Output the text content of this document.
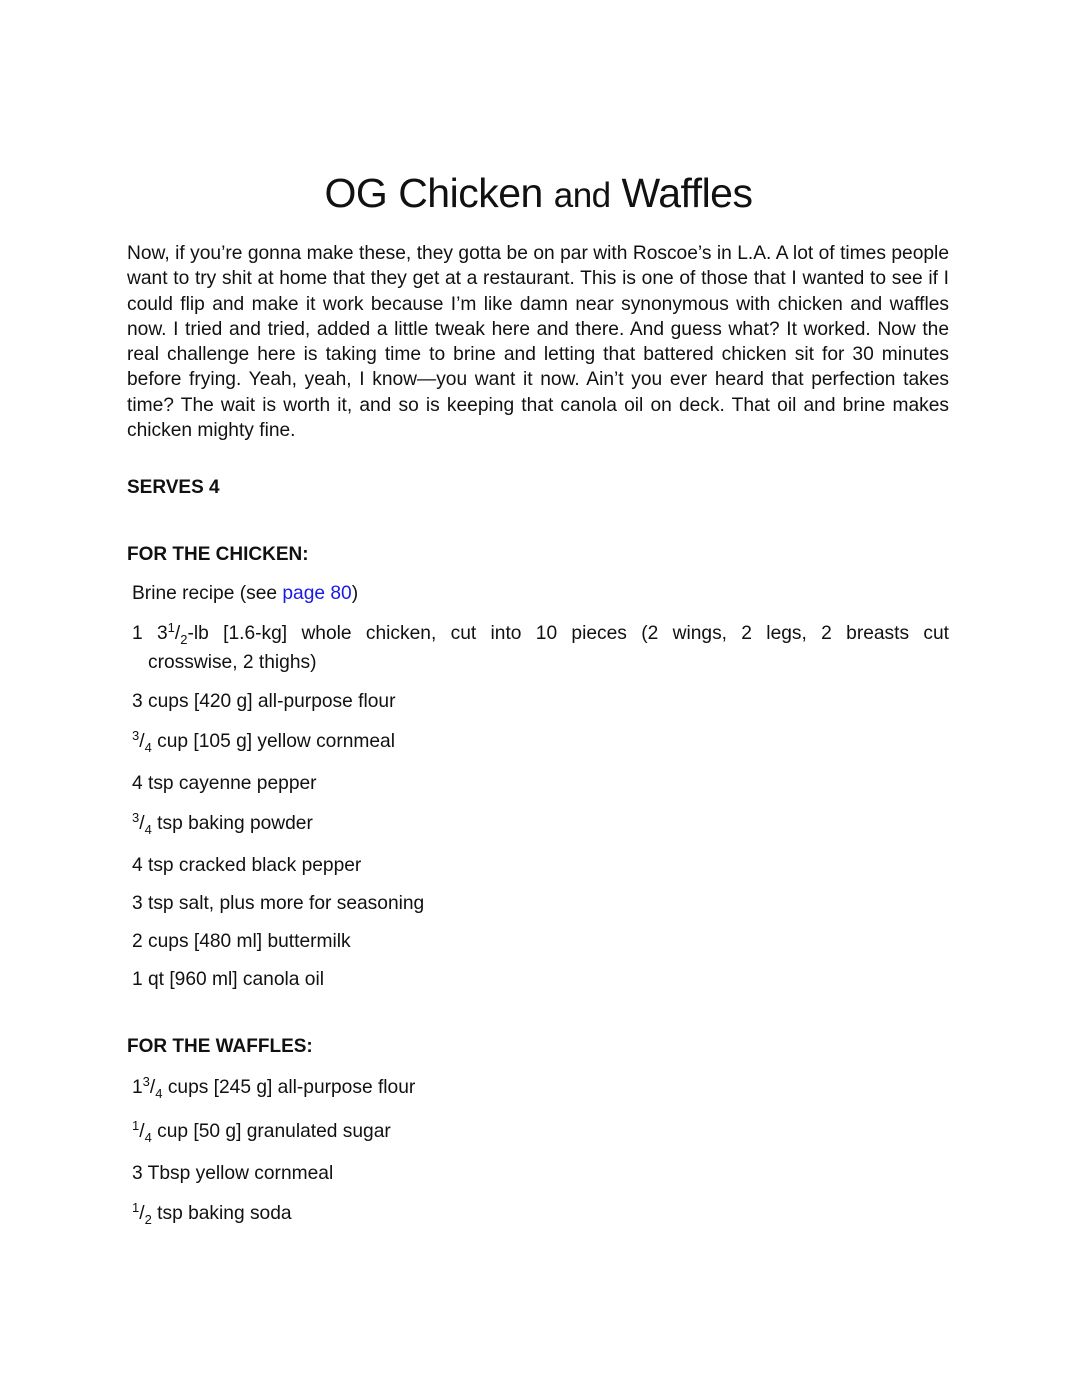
OG Chicken and Waffles

Now, if you’re gonna make these, they gotta be on par with Roscoe’s in L.A. A lot of times people want to try shit at home that they get at a restaurant. This is one of those that I wanted to see if I could flip and make it work because I’m like damn near synonymous with chicken and waffles now. I tried and tried, added a little tweak here and there. And guess what? It worked. Now the real challenge here is taking time to brine and letting that battered chicken sit for 30 minutes before frying. Yeah, yeah, I know—you want it now. Ain’t you ever heard that perfection takes time? The wait is worth it, and so is keeping that canola oil on deck. That oil and brine makes chicken mighty fine.

SERVES 4

FOR THE CHICKEN:

Brine recipe (see page 80)

1 $3^1/_2-lb$ [1.6-kg] whole chicken, cut into 10 pieces (2 wings, 2 legs, 2 breasts cut

crosswise, 2 thighs)

3 cups [420 g] all-purpose flour

$^3/_4$ cup [105 g] yellow cornmeal

4 tsp cayenne pepper

$^3/_4$ tsp baking powder

4 tsp cracked black pepper

3 tsp salt, plus more for seasoning

2 cups [480 ml] buttermilk

1 qt [960 ml] canola oil

FOR THE WAFFLES:

$1^3/_4$ cups [245 g] all-purpose flour

$^1/_4$ cup [50 g] granulated sugar

3 Tbsp yellow cornmeal

$^1/_2$ tsp baking soda
